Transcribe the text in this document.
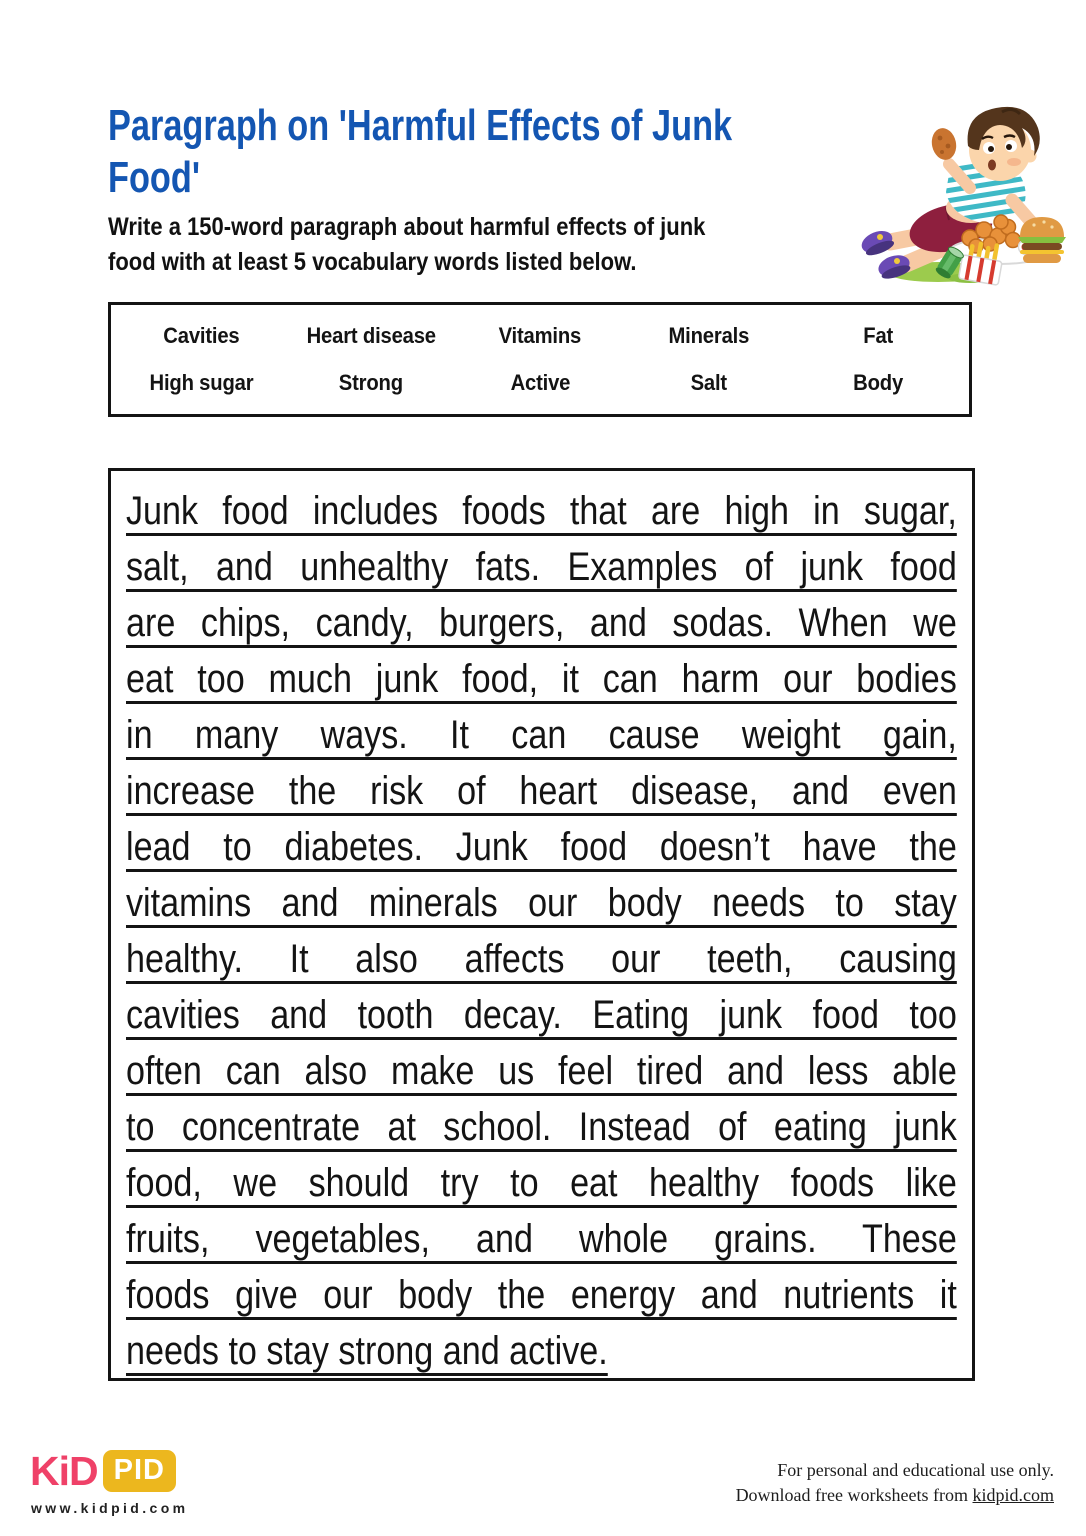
Paragraph on 'Harmful Effects of Junk
Food'
Write a 150-word paragraph about harmful effects of junk
food with at least 5 vocabulary words listed below.
Cavities	Heart disease	Vitamins	Minerals	Fat
High sugar	Strong	Active	Salt	Body
Junk food includes foods that are high in sugar,
salt, and unhealthy fats. Examples of junk food
are chips, candy, burgers, and sodas. When we
eat too much junk food, it can harm our bodies
in many ways. It can cause weight gain,
increase the risk of heart disease, and even
lead to diabetes. Junk food doesn’t have the
vitamins and minerals our body needs to stay
healthy. It also affects our teeth, causing
cavities and tooth decay. Eating junk food too
often can also make us feel tired and less able
to concentrate at school. Instead of eating junk
food, we should try to eat healthy foods like
fruits, vegetables, and whole grains. These
foods give our body the energy and nutrients it
needs to stay strong and active.
KiD PID
www.kidpid.com
For personal and educational use only.
Download free worksheets from kidpid.com
